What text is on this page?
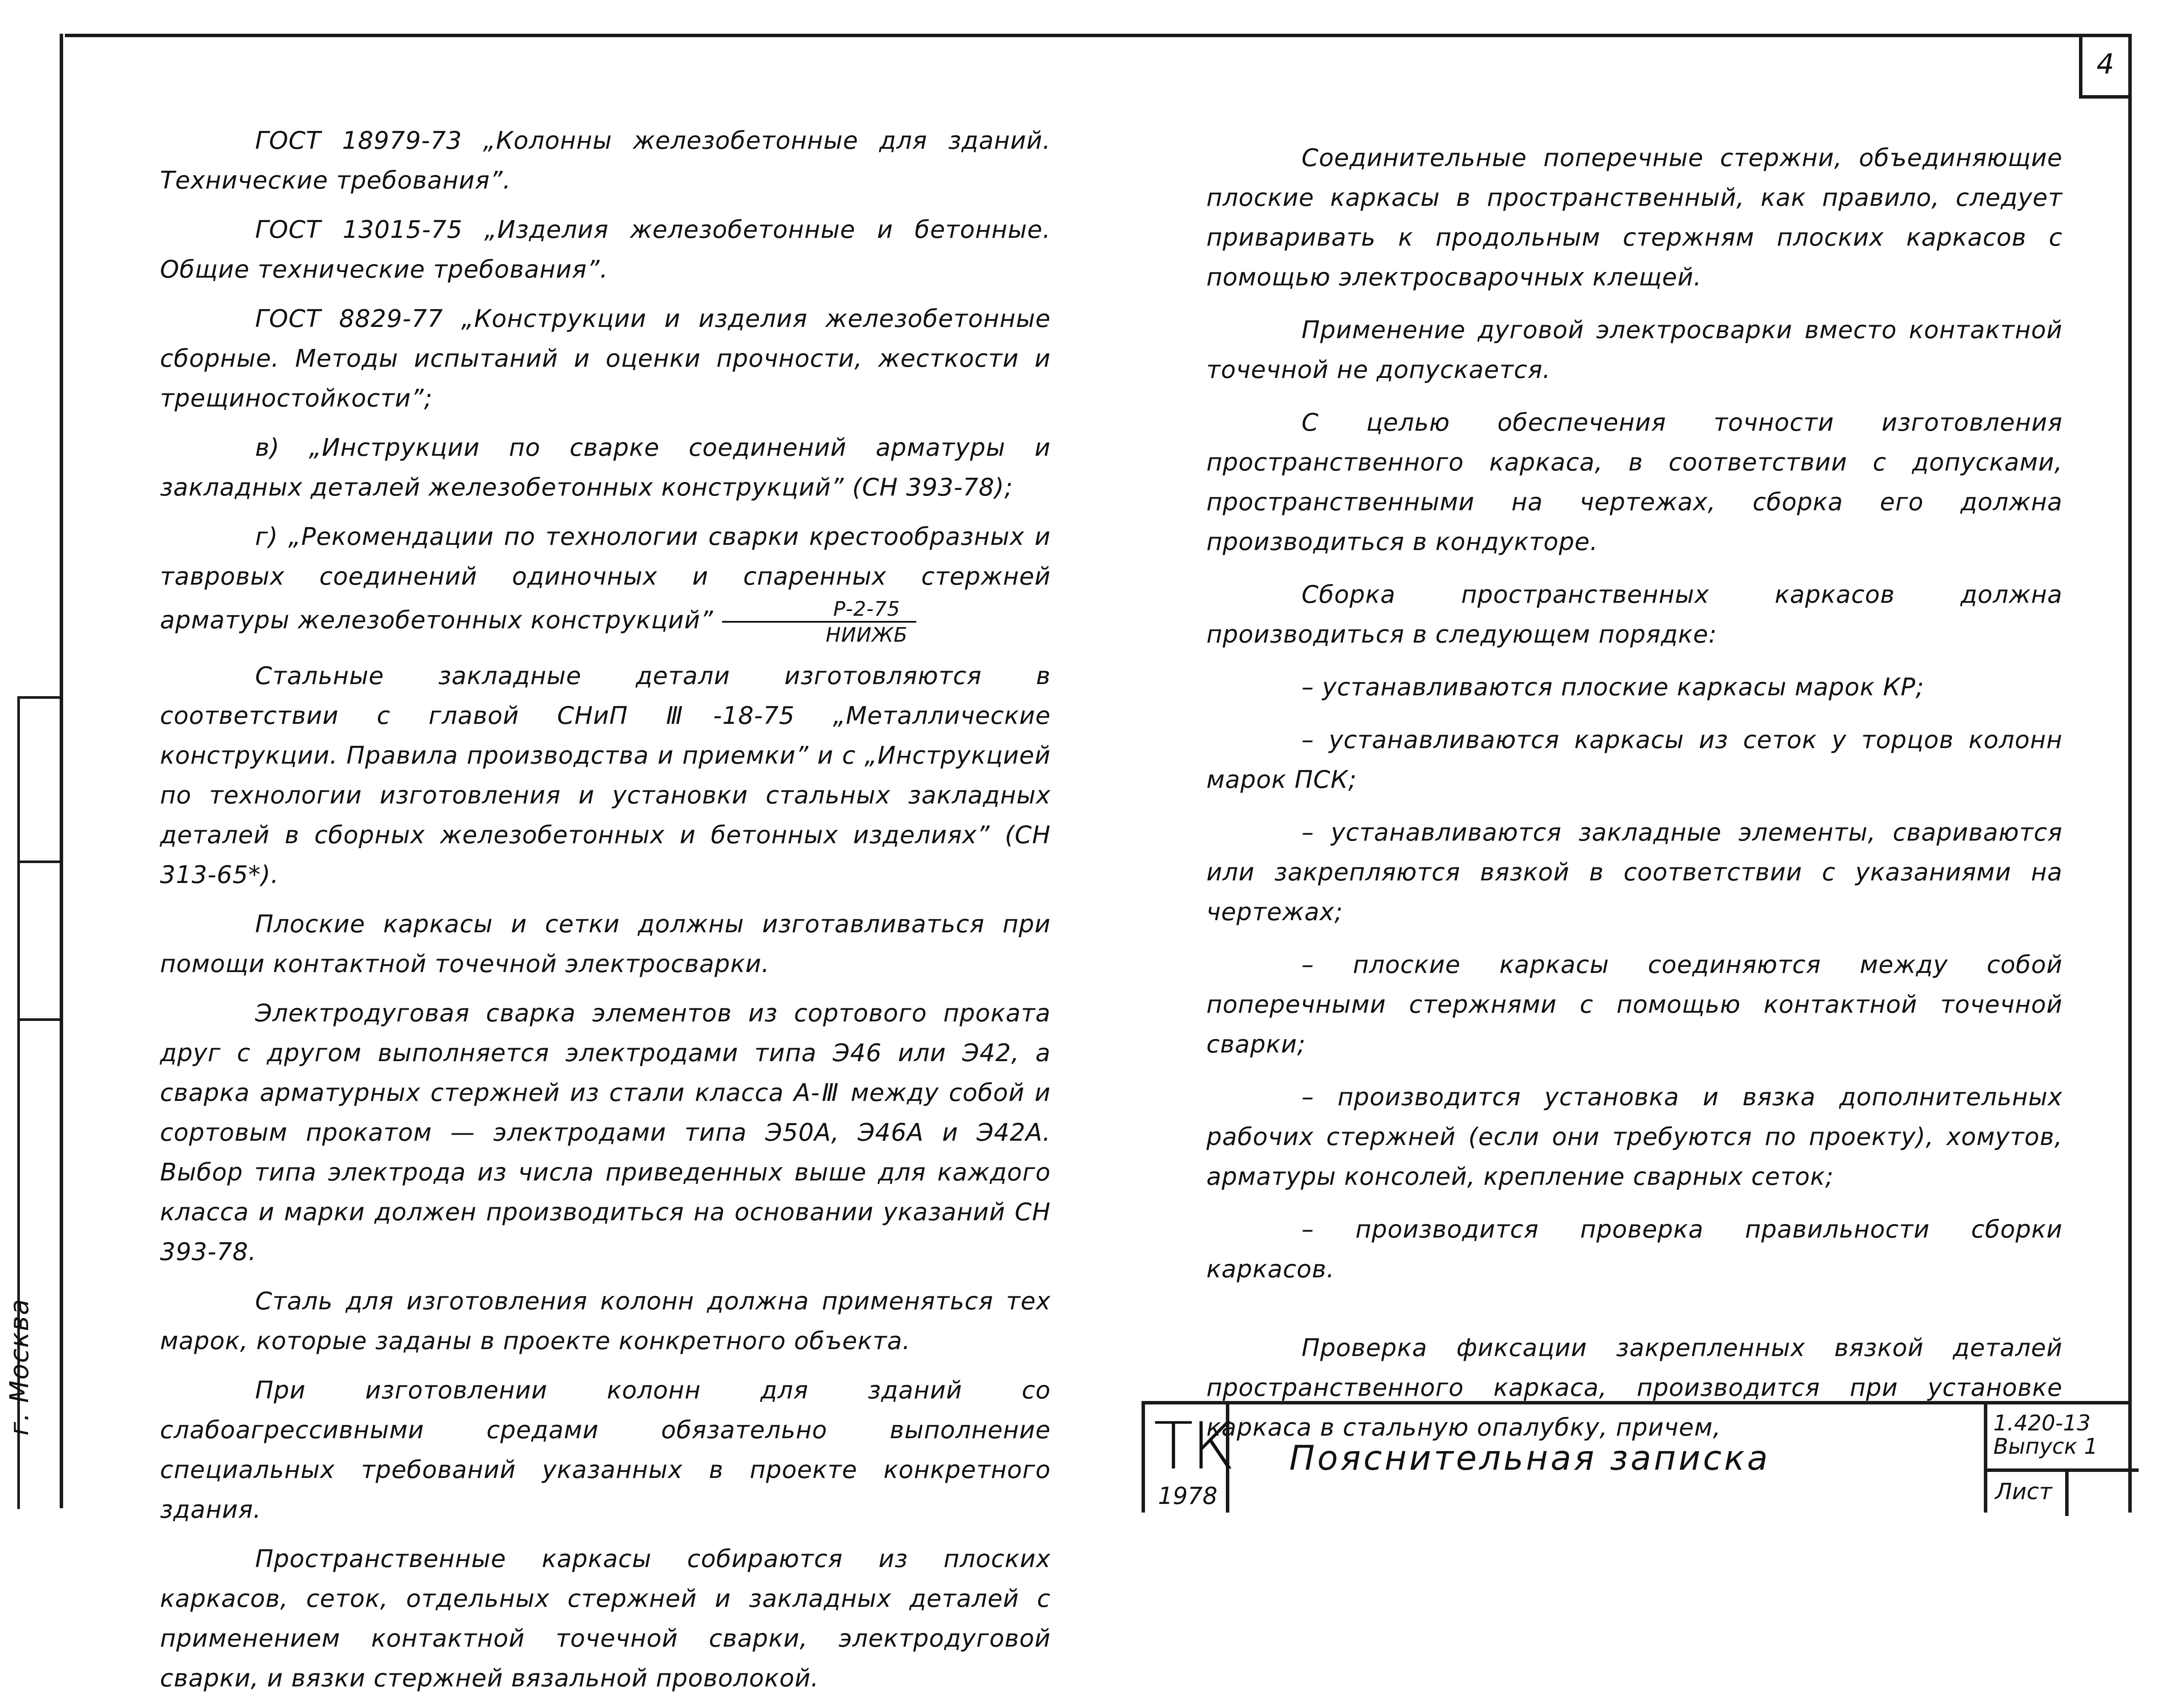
г. Москва
4

ГОСТ 18979-73 „Колонны железобетонные для зданий. Технические требования”.

ГОСТ 13015-75 „Изделия железобетонные и бетонные. Общие технические требования”.

ГОСТ 8829-77 „Конструкции и изделия железобетонные сборные. Методы испытаний и оценки прочности, жесткости и трещиностойкости”;

в) „Инструкции по сварке соединений арматуры и закладных деталей железобетонных конструкций” (СН 393-78);

г) „Рекомендации по технологии сварки крестообразных и тавровых соединений одиночных и спаренных стержней арматуры железобетонных конструкций” $\frac{Р-2-75}{\text{НИИЖБ}}$

Стальные закладные детали изготовляются в соответствии с главой СНиП Ⅲ-18-75 „Металлические конструкции. Правила производства и приемки” и с „Инструкцией по технологии изготовления и установки стальных закладных деталей в сборных железобетонных и бетонных изделиях” (СН 313-65*).

Плоские каркасы и сетки должны изготавливаться при помощи контактной точечной электросварки.

Электродуговая сварка элементов из сортового проката друг с другом выполняется электродами типа Э46 или Э42, а сварка арматурных стержней из стали класса А-Ⅲ между собой и сортовым прокатом — электродами типа Э50А, Э46А и Э42А. Выбор типа электрода из числа приведенных выше для каждого класса и марки должен производиться на основании указаний СН 393-78.

Сталь для изготовления колонн должна применяться тех марок, которые заданы в проекте конкретного объекта.

При изготовлении колонн для зданий со слабоагрессивными средами обязательно выполнение специальных требований указанных в проекте конкретного здания.

Пространственные каркасы собираются из плоских каркасов, сеток, отдельных стержней и закладных деталей с применением контактной точечной сварки, электродуговой сварки, и вязки стержней вязальной проволокой.

Соединительные поперечные стержни, объединяющие плоские каркасы в пространственный, как правило, следует приваривать к продольным стержням плоских каркасов с помощью электросварочных клещей.

Применение дуговой электросварки вместо контактной точечной не допускается.

С целью обеспечения точности изготовления пространственного каркаса, в соответствии с допусками, пространственными на чертежах, сборка его должна производиться в кондукторе.

Сборка пространственных каркасов должна производиться в следующем порядке:

– устанавливаются плоские каркасы марок КР;

– устанавливаются каркасы из сеток у торцов колонн марок ПСК;

– устанавливаются закладные элементы, свариваются или закрепляются вязкой в соответствии с указаниями на чертежах;

– плоские каркасы соединяются между собой поперечными стержнями с помощью контактной точечной сварки;

– производится установка и вязка дополнительных рабочих стержней (если они требуются по проекту), хомутов, арматуры консолей, крепление сварных сеток;

– производится проверка правильности сборки каркасов.

Проверка фиксации закрепленных вязкой деталей пространственного каркаса, производится при установке каркаса в стальную опалубку, причем,

ТК
1978
Пояснительная записка
1.420-13
Выпуск 1
Лист
